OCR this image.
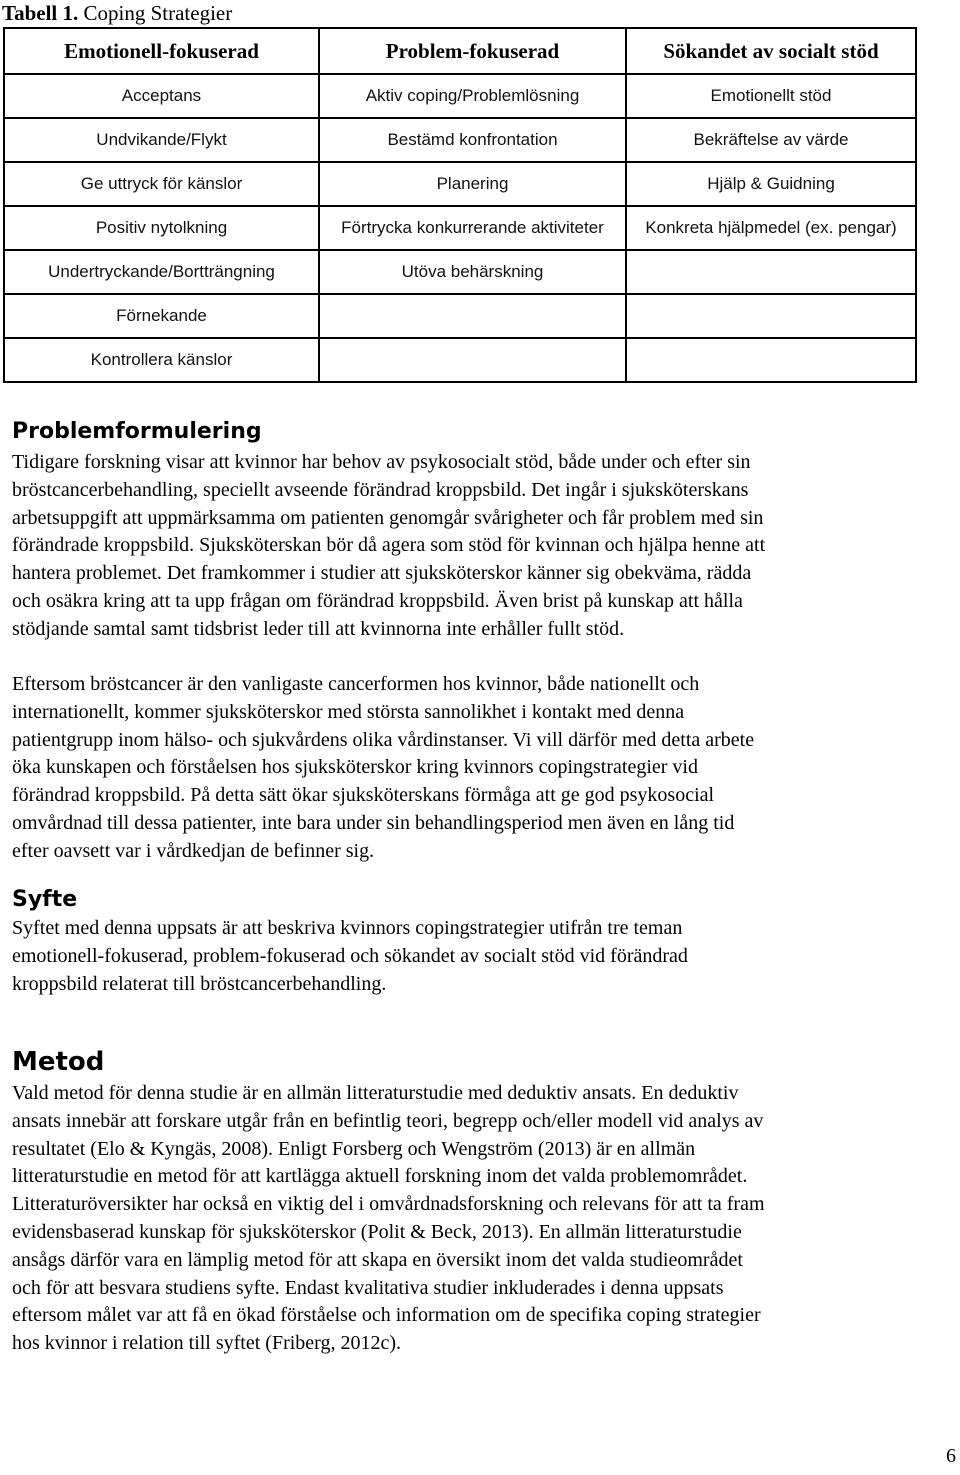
Tabell 1. Coping Strategier
Emotionell-fokuserad	Problem-fokuserad	Sökandet av socialt stöd
Acceptans	Aktiv coping/Problemlösning	Emotionellt stöd
Undvikande/Flykt	Bestämd konfrontation	Bekräftelse av värde
Ge uttryck för känslor	Planering	Hjälp & Guidning
Positiv nytolkning	Förtrycka konkurrerande aktiviteter	Konkreta hjälpmedel (ex. pengar)
Undertryckande/Bortträngning	Utöva behärskning	
Förnekande		
Kontrollera känslor		
Problemformulering
Tidigare forskning visar att kvinnor har behov av psykosocialt stöd, både under och efter sin
bröstcancerbehandling, speciellt avseende förändrad kroppsbild. Det ingår i sjuksköterskans
arbetsuppgift att uppmärksamma om patienten genomgår svårigheter och får problem med sin
förändrade kroppsbild. Sjuksköterskan bör då agera som stöd för kvinnan och hjälpa henne att
hantera problemet. Det framkommer i studier att sjuksköterskor känner sig obekväma, rädda
och osäkra kring att ta upp frågan om förändrad kroppsbild. Även brist på kunskap att hålla
stödjande samtal samt tidsbrist leder till att kvinnorna inte erhåller fullt stöd.
Eftersom bröstcancer är den vanligaste cancerformen hos kvinnor, både nationellt och
internationellt, kommer sjuksköterskor med största sannolikhet i kontakt med denna
patientgrupp inom hälso- och sjukvårdens olika vårdinstanser. Vi vill därför med detta arbete
öka kunskapen och förståelsen hos sjuksköterskor kring kvinnors copingstrategier vid
förändrad kroppsbild. På detta sätt ökar sjuksköterskans förmåga att ge god psykosocial
omvårdnad till dessa patienter, inte bara under sin behandlingsperiod men även en lång tid
efter oavsett var i vårdkedjan de befinner sig.
Syfte
Syftet med denna uppsats är att beskriva kvinnors copingstrategier utifrån tre teman
emotionell-fokuserad, problem-fokuserad och sökandet av socialt stöd vid förändrad
kroppsbild relaterat till bröstcancerbehandling.
Metod
Vald metod för denna studie är en allmän litteraturstudie med deduktiv ansats. En deduktiv
ansats innebär att forskare utgår från en befintlig teori, begrepp och/eller modell vid analys av
resultatet (Elo & Kyngäs, 2008). Enligt Forsberg och Wengström (2013) är en allmän
litteraturstudie en metod för att kartlägga aktuell forskning inom det valda problemområdet.
Litteraturöversikter har också en viktig del i omvårdnadsforskning och relevans för att ta fram
evidensbaserad kunskap för sjuksköterskor (Polit & Beck, 2013). En allmän litteraturstudie
ansågs därför vara en lämplig metod för att skapa en översikt inom det valda studieområdet
och för att besvara studiens syfte. Endast kvalitativa studier inkluderades i denna uppsats
eftersom målet var att få en ökad förståelse och information om de specifika coping strategier
hos kvinnor i relation till syftet (Friberg, 2012c).
6
